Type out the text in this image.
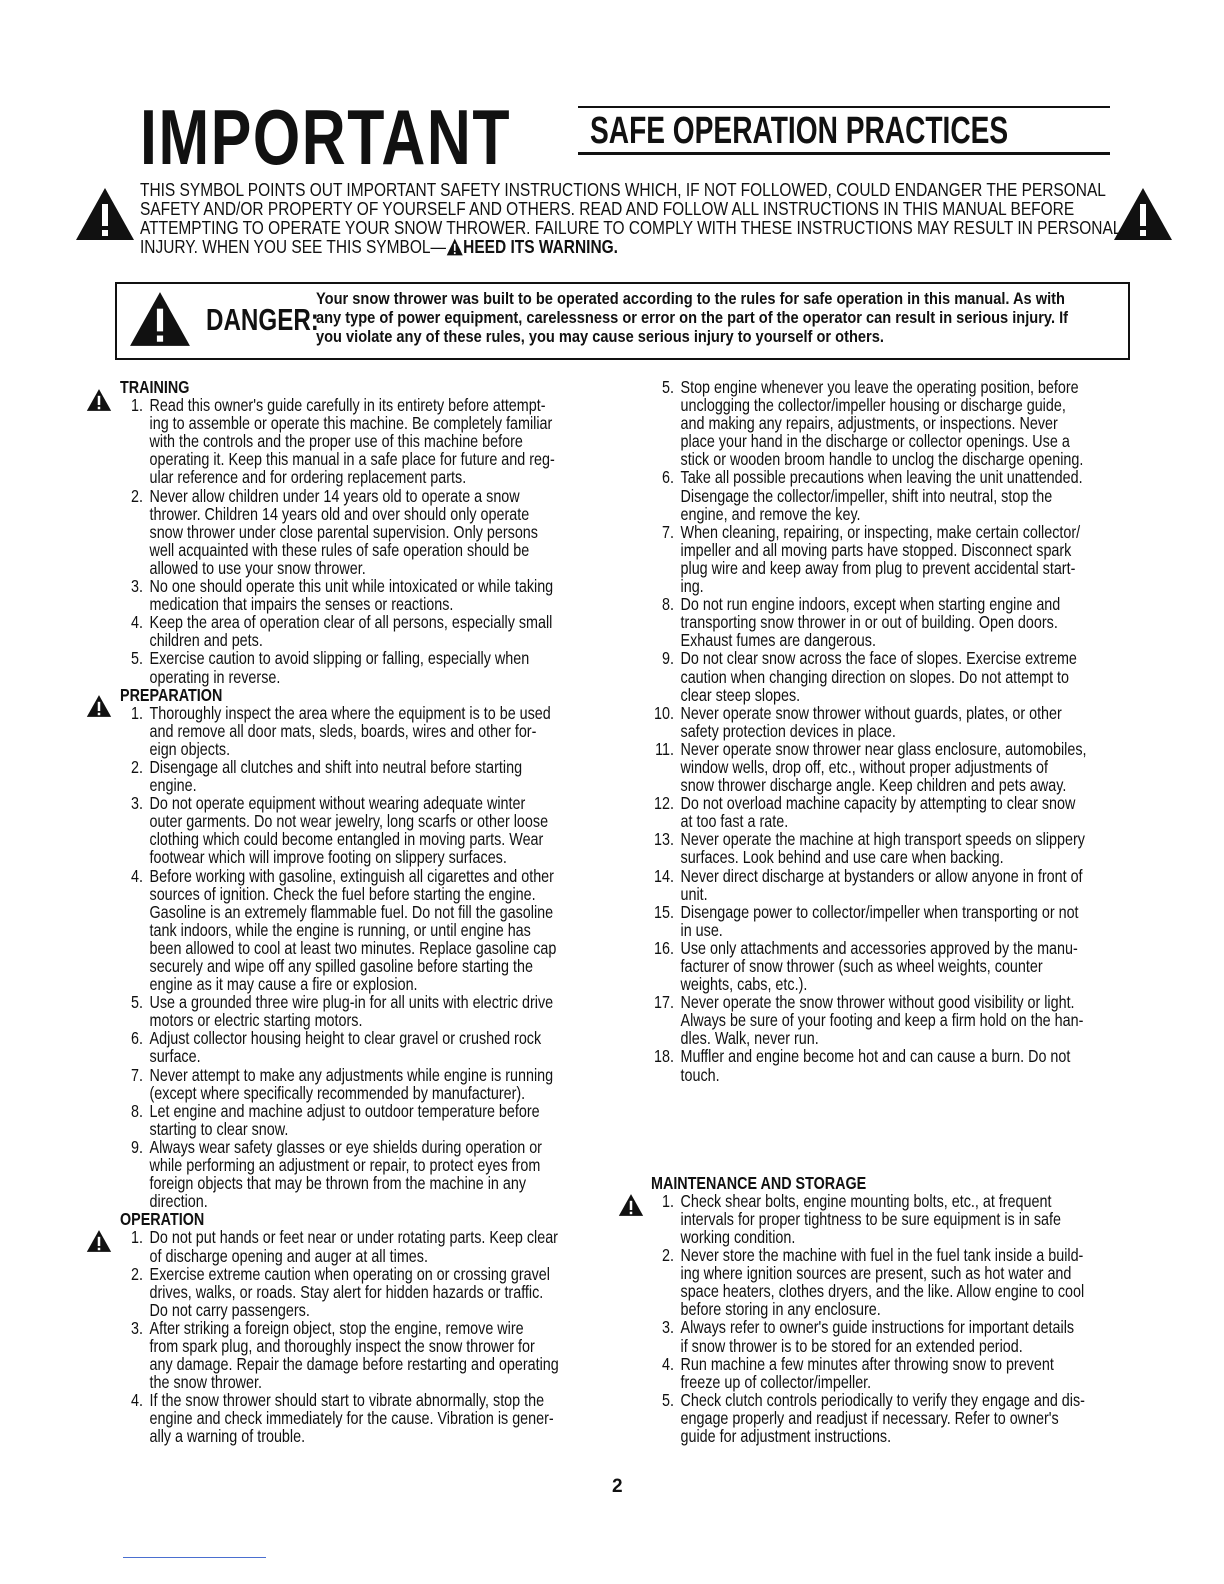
IMPORTANT SAFE OPERATION PRACTICES
THIS SYMBOL POINTS OUT IMPORTANT SAFETY INSTRUCTIONS WHICH, IF NOT FOLLOWED, COULD ENDANGER THE PERSONAL
SAFETY AND/OR PROPERTY OF YOURSELF AND OTHERS. READ AND FOLLOW ALL INSTRUCTIONS IN THIS MANUAL BEFORE
ATTEMPTING TO OPERATE YOUR SNOW THROWER. FAILURE TO COMPLY WITH THESE INSTRUCTIONS MAY RESULT IN PERSONAL
INJURY. WHEN YOU SEE THIS SYMBOL— HEED ITS WARNING.
DANGER:
Your snow thrower was built to be operated according to the rules for safe operation in this manual. As with
any type of power equipment, carelessness or error on the part of the operator can result in serious injury. If
you violate any of these rules, you may cause serious injury to yourself or others.
TRAINING
1. Read this owner's guide carefully in its entirety before attempt-
ing to assemble or operate this machine. Be completely familiar
with the controls and the proper use of this machine before
operating it. Keep this manual in a safe place for future and reg-
ular reference and for ordering replacement parts.
2. Never allow children under 14 years old to operate a snow
thrower. Children 14 years old and over should only operate
snow thrower under close parental supervision. Only persons
well acquainted with these rules of safe operation should be
allowed to use your snow thrower.
3. No one should operate this unit while intoxicated or while taking
medication that impairs the senses or reactions.
4. Keep the area of operation clear of all persons, especially small
children and pets.
5. Exercise caution to avoid slipping or falling, especially when
operating in reverse.
PREPARATION
1. Thoroughly inspect the area where the equipment is to be used
and remove all door mats, sleds, boards, wires and other for-
eign objects.
2. Disengage all clutches and shift into neutral before starting
engine.
3. Do not operate equipment without wearing adequate winter
outer garments. Do not wear jewelry, long scarfs or other loose
clothing which could become entangled in moving parts. Wear
footwear which will improve footing on slippery surfaces.
4. Before working with gasoline, extinguish all cigarettes and other
sources of ignition. Check the fuel before starting the engine.
Gasoline is an extremely flammable fuel. Do not fill the gasoline
tank indoors, while the engine is running, or until engine has
been allowed to cool at least two minutes. Replace gasoline cap
securely and wipe off any spilled gasoline before starting the
engine as it may cause a fire or explosion.
5. Use a grounded three wire plug-in for all units with electric drive
motors or electric starting motors.
6. Adjust collector housing height to clear gravel or crushed rock
surface.
7. Never attempt to make any adjustments while engine is running
(except where specifically recommended by manufacturer).
8. Let engine and machine adjust to outdoor temperature before
starting to clear snow.
9. Always wear safety glasses or eye shields during operation or
while performing an adjustment or repair, to protect eyes from
foreign objects that may be thrown from the machine in any
direction.
OPERATION
1. Do not put hands or feet near or under rotating parts. Keep clear
of discharge opening and auger at all times.
2. Exercise extreme caution when operating on or crossing gravel
drives, walks, or roads. Stay alert for hidden hazards or traffic.
Do not carry passengers.
3. After striking a foreign object, stop the engine, remove wire
from spark plug, and thoroughly inspect the snow thrower for
any damage. Repair the damage before restarting and operating
the snow thrower.
4. If the snow thrower should start to vibrate abnormally, stop the
engine and check immediately for the cause. Vibration is gener-
ally a warning of trouble.
5. Stop engine whenever you leave the operating position, before
unclogging the collector/impeller housing or discharge guide,
and making any repairs, adjustments, or inspections. Never
place your hand in the discharge or collector openings. Use a
stick or wooden broom handle to unclog the discharge opening.
6. Take all possible precautions when leaving the unit unattended.
Disengage the collector/impeller, shift into neutral, stop the
engine, and remove the key.
7. When cleaning, repairing, or inspecting, make certain collector/
impeller and all moving parts have stopped. Disconnect spark
plug wire and keep away from plug to prevent accidental start-
ing.
8. Do not run engine indoors, except when starting engine and
transporting snow thrower in or out of building. Open doors.
Exhaust fumes are dangerous.
9. Do not clear snow across the face of slopes. Exercise extreme
caution when changing direction on slopes. Do not attempt to
clear steep slopes.
10. Never operate snow thrower without guards, plates, or other
safety protection devices in place.
11. Never operate snow thrower near glass enclosure, automobiles,
window wells, drop off, etc., without proper adjustments of
snow thrower discharge angle. Keep children and pets away.
12. Do not overload machine capacity by attempting to clear snow
at too fast a rate.
13. Never operate the machine at high transport speeds on slippery
surfaces. Look behind and use care when backing.
14. Never direct discharge at bystanders or allow anyone in front of
unit.
15. Disengage power to collector/impeller when transporting or not
in use.
16. Use only attachments and accessories approved by the manu-
facturer of snow thrower (such as wheel weights, counter
weights, cabs, etc.).
17. Never operate the snow thrower without good visibility or light.
Always be sure of your footing and keep a firm hold on the han-
dles. Walk, never run.
18. Muffler and engine become hot and can cause a burn. Do not
touch.
MAINTENANCE AND STORAGE
1. Check shear bolts, engine mounting bolts, etc., at frequent
intervals for proper tightness to be sure equipment is in safe
working condition.
2. Never store the machine with fuel in the fuel tank inside a build-
ing where ignition sources are present, such as hot water and
space heaters, clothes dryers, and the like. Allow engine to cool
before storing in any enclosure.
3. Always refer to owner's guide instructions for important details
if snow thrower is to be stored for an extended period.
4. Run machine a few minutes after throwing snow to prevent
freeze up of collector/impeller.
5. Check clutch controls periodically to verify they engage and dis-
engage properly and readjust if necessary. Refer to owner's
guide for adjustment instructions.
2
